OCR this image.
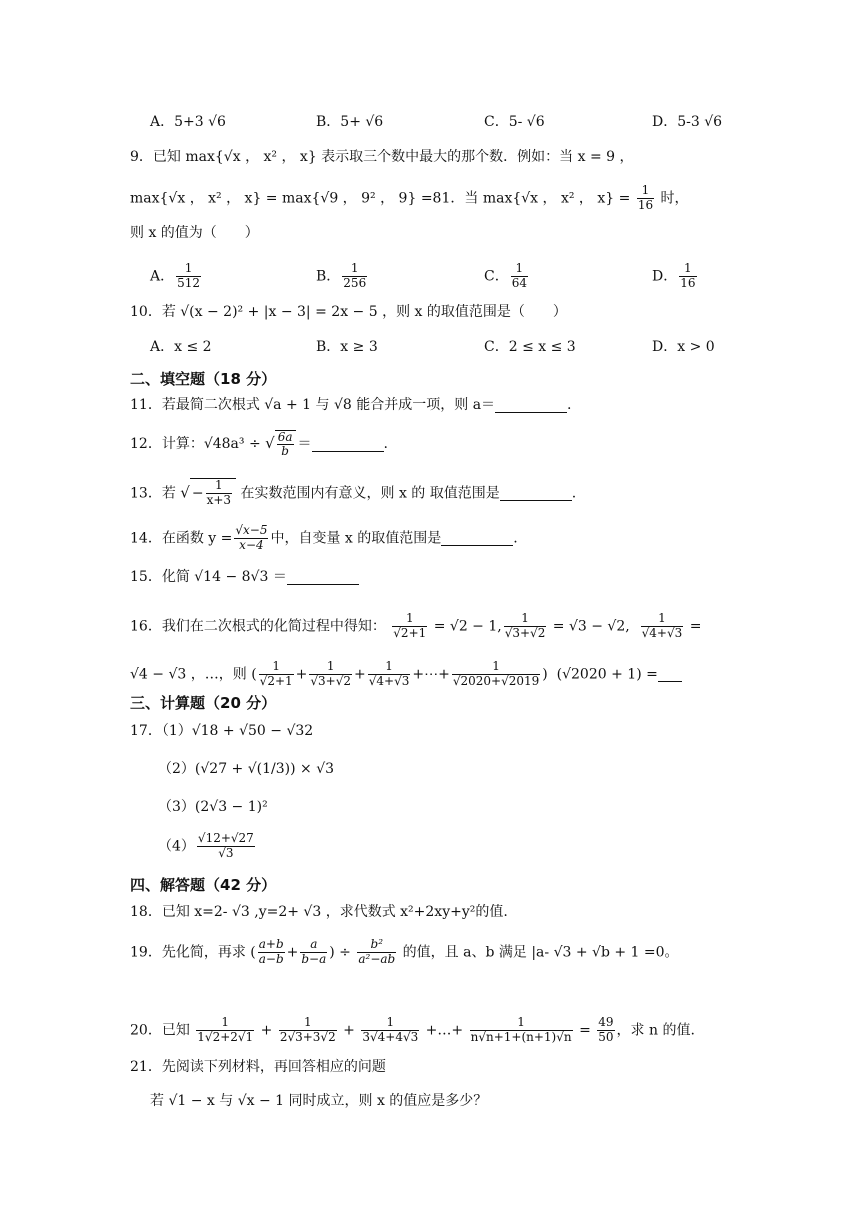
A．5+3 √6	B．5+ √6	C．5- √6	D．5-3 √6
9．已知 max{√x ， x² ， x} 表示取三个数中最大的那个数．例如：当 x = 9 ，
max{√x ， x² ， x} = max{√9 ， 9² ， 9} =81．当 max{√x ， x² ， $x\} = \frac{1}{16}$ 时，
则 x 的值为（　　）
A． $\frac{1}{512}$	B． $\frac{1}{256}$	C． $\frac{1}{64}$	D． $\frac{1}{16}$
10．若 √(x − 2)² + |x − 3| = 2x − 5 ，则 x 的取值范围是（　　）
A．x ≤ 2	B．x ≥ 3	C．2 ≤ x ≤ 3	D．x > 0
二、填空题（18 分）
11．若最简二次根式 √a + 1 与 √8 能合并成一项，则 a＝	.
12．计算：√48a³ ÷ √ $\frac{6a}{b}$ ＝	.
13．若 √ − $\frac{1}{x+3}$ 在实数范围内有意义，则 x 的 取值范围是	.
14．在函数 $y = \frac{√x-5}{x-4}$ 中，自变量 x 的取值范围是	.
15．化简 √14 − 8√3 ＝
16．我们在二次根式的化简过程中得知： $\frac{1}{√2+1} = √2 - 1$, $\frac{1}{√3+√2} = √3 - √2$, $\frac{1}{√4+√3}$ =
√4 − √3 ，…，则 ( $\frac{1}{√2+1} + \frac{1}{√3+√2} + \frac{1}{√4+√3}$ +⋯+ $\frac{1}{√2020+√2019}$ )  (√2020 + 1) =
三、计算题（20 分）
17．（1）√18 + √50 − √32
（2）(√27 + √(1/3)) × √3
（3）(2√3 − 1)²
$(4) \frac{√12+√27}{√3}$
四、解答题（42 分）
18．已知 x=2- √3 ,y=2+ √3 ，求代数式 x²+2xy+y²的值.
19．先化简，再求 ( $\frac{a+b}{a-b} + \frac{a}{b-a}$ ) ÷ $\frac{\text{b²}}{\text{a²−ab}}$ 的值，且 a、b 满足 |a- √3 + √b + 1 =0。
20．已知 $\frac{1}{1√2+2√1} + \frac{1}{2√3+3√2} + \frac{1}{3√4+4√3}$ +…+ $\frac{1}{n√n+1+(n+1)√n} = \frac{49}{50}$ ，求 n 的值.
21．先阅读下列材料，再回答相应的问题
若 √1 − x 与 √x − 1 同时成立，则 x 的值应是多少？
